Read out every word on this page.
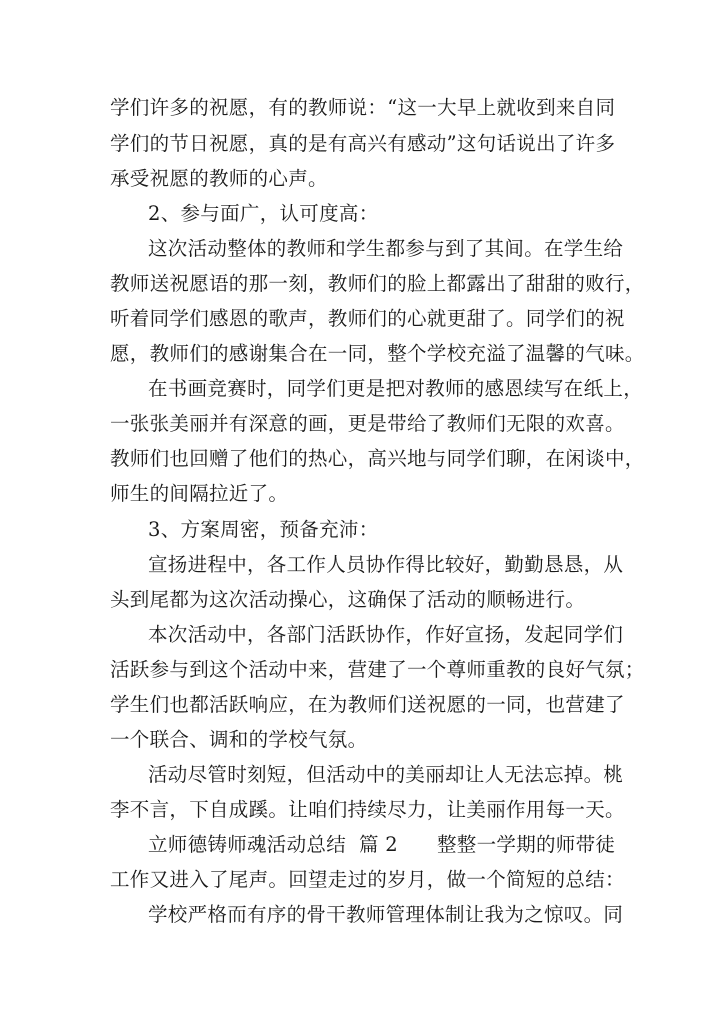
学们许多的祝愿，有的教师说：“这一大早上就收到来自同
学们的节日祝愿，真的是有高兴有感动”这句话说出了许多
承受祝愿的教师的心声。
2、参与面广，认可度高：
这次活动整体的教师和学生都参与到了其间。在学生给
教师送祝愿语的那一刻，教师们的脸上都露出了甜甜的败行，
听着同学们感恩的歌声，教师们的心就更甜了。同学们的祝
愿，教师们的感谢集合在一同，整个学校充溢了温馨的气味。
在书画竞赛时，同学们更是把对教师的感恩续写在纸上，
一张张美丽并有深意的画，更是带给了教师们无限的欢喜。
教师们也回赠了他们的热心，高兴地与同学们聊，在闲谈中，
师生的间隔拉近了。
3、方案周密，预备充沛：
宣扬进程中，各工作人员协作得比较好，勤勤恳恳，从
头到尾都为这次活动操心，这确保了活动的顺畅进行。
本次活动中，各部门活跃协作，作好宣扬，发起同学们
活跃参与到这个活动中来，营建了一个尊师重教的良好气氛；
学生们也都活跃响应，在为教师们送祝愿的一同，也营建了
一个联合、调和的学校气氛。
活动尽管时刻短，但活动中的美丽却让人无法忘掉。桃
李不言，下自成蹊。让咱们持续尽力，让美丽作用每一天。
立师德铸师魂活动总结  篇 2      整整一学期的师带徒
工作又进入了尾声。回望走过的岁月，做一个简短的总结：
学校严格而有序的骨干教师管理体制让我为之惊叹。同
